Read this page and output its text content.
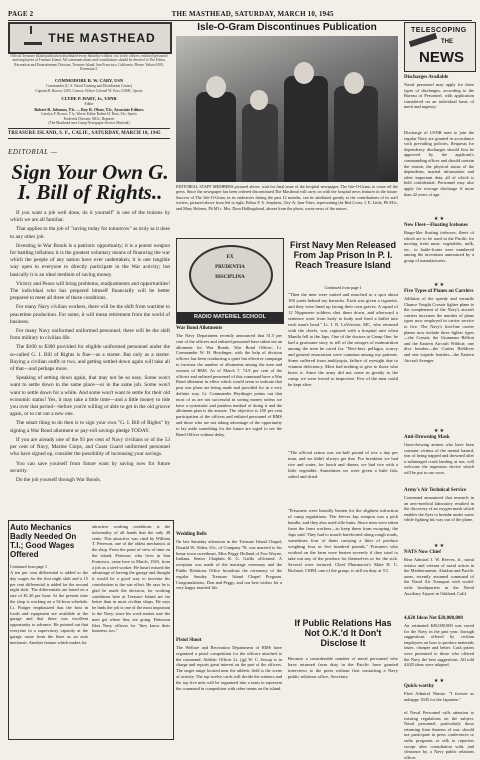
PAGE 2	THE MASTHEAD, SATURDAY, MARCH 10, 1945
THE MASTHEAD
Official Treasure Island publication distributed every Saturday without cost to the officers, enlisted personnel and employees of Treasure Island. All communications and contributions should be directed to The Editor, Recreation and Entertainment Division, Treasure Island, San Francisco, California. Phone: Yukon 6100, Extension 2.
COMMODORE R. W. CARY, USN
Commander (U. S. Naval Training and Distribution Center)
Captain H. Brown, USN, Convoy Officer Colonel W. Foss, USMC, Sports
CLYDE P. HART, Jr., USNR
Editor
Robert R. Johnson, Y3c — Roy R. Olsen, Y2c, Associate Editors
Carolyn F. Brown, Y1c, Waves Editor Robert H. Ross, S1c, Sports
Frederick Drissner, SK3c, Reporter
(The Masthead uses Camp Newspaper Service Material)
TREASURE ISLAND, S. F., CALIF., SATURDAY, MARCH 10, 1945
EDITORIAL —
Sign Your Own G. I. Bill of Rights..

If you want a job well done, do it yourself" is one of the truisms by which we are all familiar.

That applies to the job of "saving today for tomorrow" as truly as it does to any other job.

Investing in War Bonds is a patriotic opportunity; it is a potent weapon for battling inflation; it is the greatest voluntary means of financing the war which the people of any nation have ever undertaken; it is one tangible way open to everyone to directly participate in the War activity; but basically it is an ideal medium of saving money.

Victory and Peace will bring problems, readjustments and opportunities! The individual who has prepared himself financially will be better prepared to meet all three of these conditions.

For many Navy civilian workers, there will be the shift from wartime to peacetime production. For some, it will mean retirement from the world of business.

For many Navy uniformed uniformed personnel, there will be the shift from military to civilian life.

The $100 to $300 provided for eligible uniformed personnel under the so-called G. I. Bill of Rights is fine—as a starter. But only as a starter. Buying a civilian outfit or two, and getting settled down again will take all of that—and perhaps more.

Speaking of setting down again, that may not be so easy. Some won't want to settle down in the same place—or in the same job. Some won't want to settle down for a while. And some won't want to settle for their old economic status! Yes, it may take a little time—and a little money to tide you over that period—before you're willing or able to get in the old groove again, or to cut out a new one.

The smart thing to do then is to sign your own "G. I. Bill of Rights" by signing a War Bond allotment or pay-roll savings pledge TODAY.

If you are already one of the 93 per cent of Navy civilians or of the 53 per cent of Navy, Marine Corps, and Coast Guard uniformed personnel who have signed up, consider the possibility of increasing your savings.

You can save yourself from future want by saving now for future security.

Do the job yourself through War Bonds.

Auto Mechanics Badly Needed On T.I.; Good Wages Offered
Continued from page 1
A ten per cent differential is added to the day wages for the first night shift and a 15 per cent differential is added for the second night shift. The differentials are based on a rate of $1.20 per hour. At the present time the shop is working on a 54-hour schedule. Lt. Fittiger emphasized that the heat in foods and equipment are available at the garage and that there was excellent opportunity to advance. He pointed out that everyone in a supervisory capacity at the garage came from the lines as an auto mechanic. Another feature which makes for
attractive working conditions is the informality of all hands that the only 48 cents. This attractive was cited by William T. Peterson, one of the oldest mechanics at the shop. From the point of view of time on the island, Peterson, who lives in San Francisco, came here in March, 1943, from a job as a steel worker. He hasn't missed the advantage of having the garage and thought it would be a good way to increase his contribution to the war effort. He says he is glad he made the decision, for working conditions here at Treasure Island are far better than in most civilian shops. He says he finds the job is one of the most important to the Navy, since his work makes sure the men get where they are going. Petterson likes Navy officers for "they know their business, too."
Isle-O-Gram Discontinues Publication
EDITORIAL STAFF MEMBERS pictured above, wait for final issue of the hospital newspaper, The Isle-O-Gram, to come off the press. Since the newspaper has been ordered discontinued The Masthead will carry on with the hospital news features in the future. Success of The Isle-O-Gram, in its endeavors during the past 12 months, can be attributed greatly to the contributions of its staff writers, pictured above from left to right, Editor P. A. Stephens, Chy-A; Jane Yates, representing the Red Cross; J. E. Little, Ph M1c, and Mary Holmes, Ph M1c. Mrs. Dora Hollingshead, absent from the photo, wrote news of the nurses.
EX
PRUDENTIA
DISCIPLINA
RADIO MATERIEL SCHOOL
War Bond Allotments
The Navy Department recently announced that 51.5 per cent of the officers and enlisted personnel have taken out an allotment for War Bonds. War Bond Officer, Lt. Commander W. H. Heydinger, with the help of division officers has been conducting a quiet but effective campaign to increase the number of allotments among the men and women of RMS. As of March 7, 74.9 per cent of the officers and enlisted personnel of this command have a War Bond allotment in effect which would seem to indicate that post war plans are being made and provided for in a very definite way. Lt. Commander Heydinger points out that most of us are not successful in saving money unless we have a systematic and painless method of doing it and the allotment plan is the answer. The objective is 100 per cent participation of the officers and enlisted personnel of RMS and those who are not taking advantage of the opportunity to lay aside something for the future are urged to see the Bond Officer without delay.
Wedding Bells
On last Saturday afternoon in the Treasure Island Chapel, Donald W. Alden, S1c, of Company 78, was married to his home town sweetheart, Miss Peggy Holland of Fort Wayne, Indiana. Senior Chaplain R. G. Gaillo officiated. A reception was made of the marriage ceremony and the Public Relations Office broadcast the ceremony of the regular Sunday Treasure Island Chapel Program. Congratulations, Don and Peggy, and our best wishes for a very happy married life.
Pistol Shoot
The Welfare and Recreation Department of RMS have organized a pistol competition for the officers attached to the command. Athletic Officer Lt. (jg) W. C. Jessop is in charge and reports great interest on the part of the officers. The target range located near the athletic field is the scene of activity. The top twelve cards will decide the winners and the top five men will be organized into a team to represent the command in competition with other teams on the island.
First Navy Men Released From Jap Prison In P. I. Reach Treasure Island
Continued from page 1
"Then the men were united and marched to a spot about 100 yards behind my barracks. Each was given a cigarette, and they were lined up facing their own graves. A squad of 12 Nipponese soldiers shot them down, and afterward a sentence went from body to body and fired a bullet into each man's head." Lt. I. N. LaVoissier, MC, who returned with the chiefs, was captured with a hospital unit when Manila fell to the Japs. One of the doctors at Camp One, he had a gruesome story to tell of the ravages of malnutrition among the men he cared for. "Beri-beri, pellagra, scurvy and general emaciation were common among my patients. Some suffered from amblyopia, failure of eyesight due to vitamin deficiency. Most had nothing to give to those who knew it. Since the army did not come in greatly to the camp, we were forced to improvise. Few of the men could be kept alive.
"The official ration was six-half pound of rice a day per man, and we didn't always get that. For breakfast we had rice and water, for lunch and dinner, we had rice with a little vegetable. Sometimes we were given a little fish, salted and dried.
"Prisoners were brutally beaten for the slightest infraction of camp regulations. The Jeeves Jap weapon was a pick handle, and they also used rifle butts. Since men were taken from the farm workers—to keep them from escaping, the Japs said. They had to march barefooted along rough roads, sometimes four of them carrying a litter of produce weighing four or five hundred pounds." Prisoners who worked on the farm were beaten severely if they tried to take out any of the produce for themselves or for the sick. Several were tortured. Chief Pharmacist's Mate H. C. Richard, CMM, one of the group, is still on duty at T.I.
If Public Relations Has Not O.K.'d It Don't Disclose It
Because a considerable number of naval personnel who have returned from duty in the Pacific have granted interviews to the press without first contacting a Navy public relations office, Secretary
TELESCOPING
THE
NEWS
Discharges Available
Naval personnel may apply for three types of discharges, according to the Bureau of Personnel, with application considered on an individual basis of merit and urgency.
Discharge of USNR men to join the regular Navy are granted in accordance with prevailing policies. Requests for dependency discharges should first be approved by the applicant's commanding officer and should contain the reason, the physical status of the dependents, marital information and other important data, all of which is held confidential. Personnel may also apply for overage discharge if more than 42 years of age.
★ ★
New Fleet—Floating Icebones
Barge-like floating iceboxes, fleets of which are to be used in the Pacific for moving fresh meat, vegetables, milk, etc., to battle-fronts were numbered among the inventions announced by a group of manufacturers.
★ ★
Five Types of Planes on Carriers
Addition of the speedy and versatile Chance Vought Corsair fighter plane to the complement of the Navy's aircraft carriers increases the number of plane types now employed in carrier service to five. The Navy's first-line carrier planes now include three fighter types—the Corsair, the Grumman Hellcat and the Eastern Aircraft Wildcat; one dive bomber—the Curtiss Helldiver and one torpedo bomber—the Eastern Aircraft Avenger.
★ ★
Anti-Drowning Mask
Gum-chewing airmen who have been constant victims of the mental hazard, fear of being trapped and drowned after a submerged crash landing at sea, will welcome the ingenious device which will be put to use soon.
Army's Air Technical Service
Command announced that research in an aero-medical laboratory resulted in the discovery of an oxygen mask which enables the flyer to breathe under water while fighting his way out of the plane.
★ ★
NATS Now Chief
Rear Admiral J. W. Reeves, Jr., naval aviator and veteran of naval action in the Mediterranean, Alaskan and Pacific areas, recently assumed command of the Naval Air Transport with world-wide headquarters in the Naval Auxiliary Airport in Oakland, Calif.
4,620 Ideas Net $20,000,000
An estimated $20,000,000 was saved for the Navy in the past year, through suggestions offered by civilian employees on how to produce materials faster, cheaper and better. Cash prizes were presented to those who offered the Navy the best suggestions. All told 4,620 ideas were adopted.
★ ★
Quick-worthy
Fleet Admiral Nimitz: "I foresee as unhappy 1945 for the Japanese."
of Naval Personnel calls attention to existing regulations on the subject. Naval personnel, particularly those returning from theatres of war, should not participate in press conferences or radio programs or talk to reporters except after consultation with, and clearance by, a Navy public relations officer.
